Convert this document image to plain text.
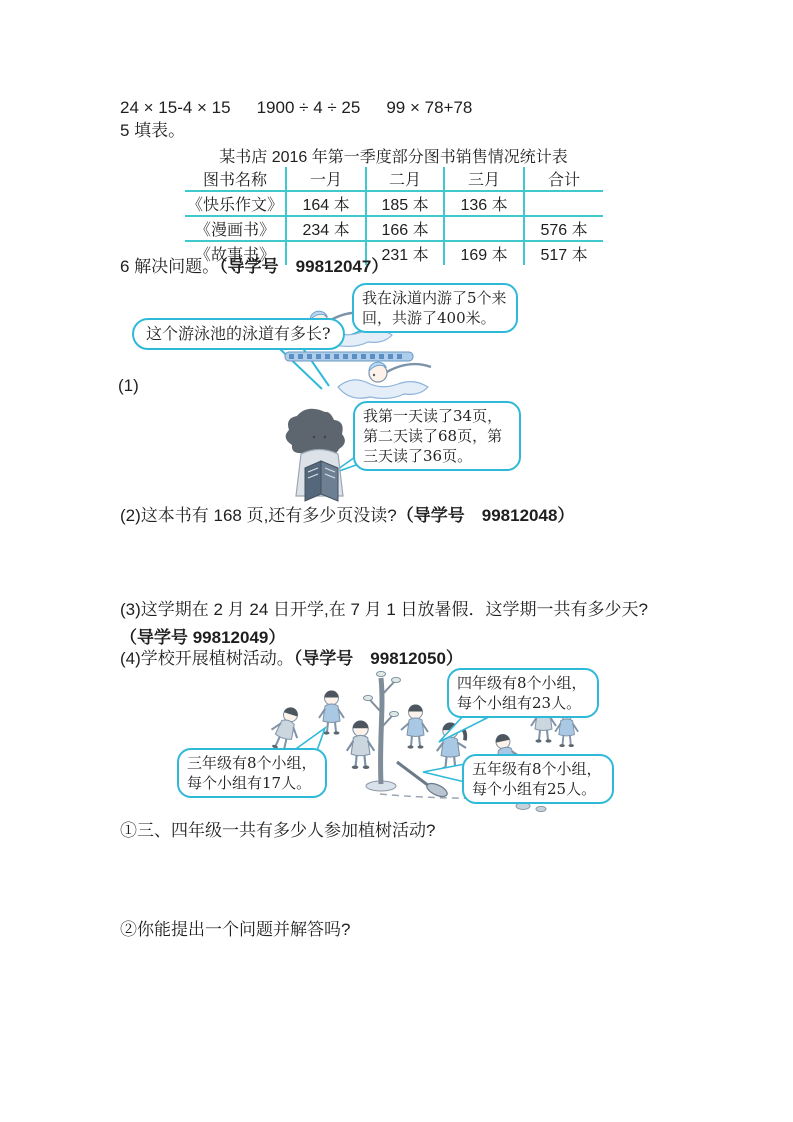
24 × 15-4 × 15 1900 ÷ 4 ÷ 25 99 × 78+78

5 填表。

某书店 2016 年第一季度部分图书销售情况统计表

图书名称	一月	二月	三月	合计
《快乐作文》	164 本	185 本	136 本	
《漫画书》	234 本	166 本		576 本
《故事书》		231 本	169 本	517 本

6 解决问题。（导学号　99812047）

我在泳道内游了5个来回，共游了400米。
这个游泳池的泳道有多长?

(1)

我第一天读了34页，第二天读了68页，第三天读了36页。

(2)这本书有 168 页,还有多少页没读?（导学号　99812048）

(3)这学期在 2 月 24 日开学,在 7 月 1 日放暑假．这学期一共有多少天?（导学号 99812049）

(4)学校开展植树活动。（导学号　99812050）

四年级有8个小组，每个小组有23人。
三年级有8个小组，每个小组有17人。
五年级有8个小组，每个小组有25人。

①三、四年级一共有多少人参加植树活动?

②你能提出一个问题并解答吗?
